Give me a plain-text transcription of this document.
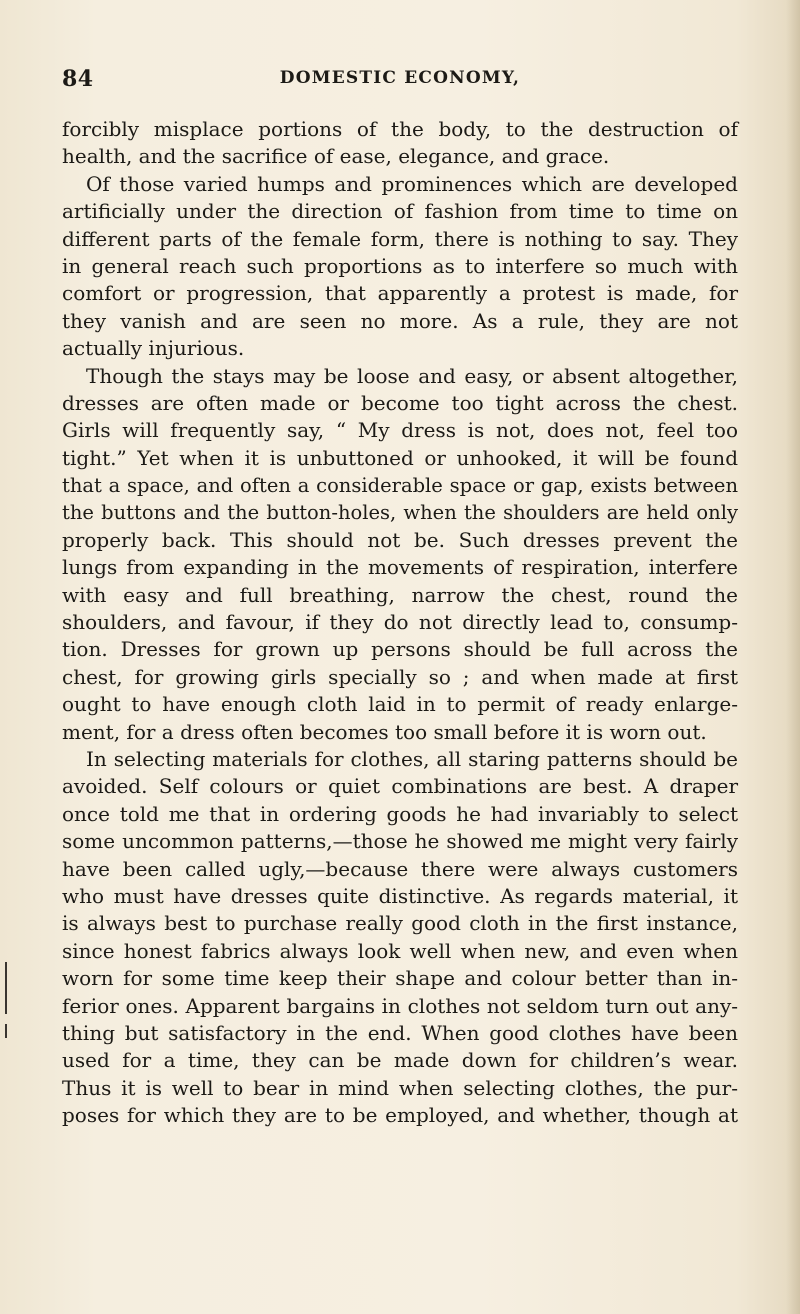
84	DOMESTIC ECONOMY,
forcibly misplace portions of the body, to the destruction of
health, and the sacrifice of ease, elegance, and grace.
Of those varied humps and prominences which are developed
artificially under the direction of fashion from time to time on
different parts of the female form, there is nothing to say. They
in general reach such proportions as to interfere so much with
comfort or progression, that apparently a protest is made, for
they vanish and are seen no more. As a rule, they are not
actually injurious.
Though the stays may be loose and easy, or absent altogether,
dresses are often made or become too tight across the chest.
Girls will frequently say, “ My dress is not, does not, feel too
tight.” Yet when it is unbuttoned or unhooked, it will be found
that a space, and often a considerable space or gap, exists between
the buttons and the button-holes, when the shoulders are held only
properly back. This should not be. Such dresses prevent the
lungs from expanding in the movements of respiration, interfere
with easy and full breathing, narrow the chest, round the
shoulders, and favour, if they do not directly lead to, consump-
tion. Dresses for grown up persons should be full across the
chest, for growing girls specially so ; and when made at first
ought to have enough cloth laid in to permit of ready enlarge-
ment, for a dress often becomes too small before it is worn out.
In selecting materials for clothes, all staring patterns should be
avoided. Self colours or quiet combinations are best. A draper
once told me that in ordering goods he had invariably to select
some uncommon patterns,—those he showed me might very fairly
have been called ugly,—because there were always customers
who must have dresses quite distinctive. As regards material, it
is always best to purchase really good cloth in the first instance,
since honest fabrics always look well when new, and even when
worn for some time keep their shape and colour better than in-
ferior ones. Apparent bargains in clothes not seldom turn out any-
thing but satisfactory in the end. When good clothes have been
used for a time, they can be made down for children’s wear.
Thus it is well to bear in mind when selecting clothes, the pur-
poses for which they are to be employed, and whether, though at
